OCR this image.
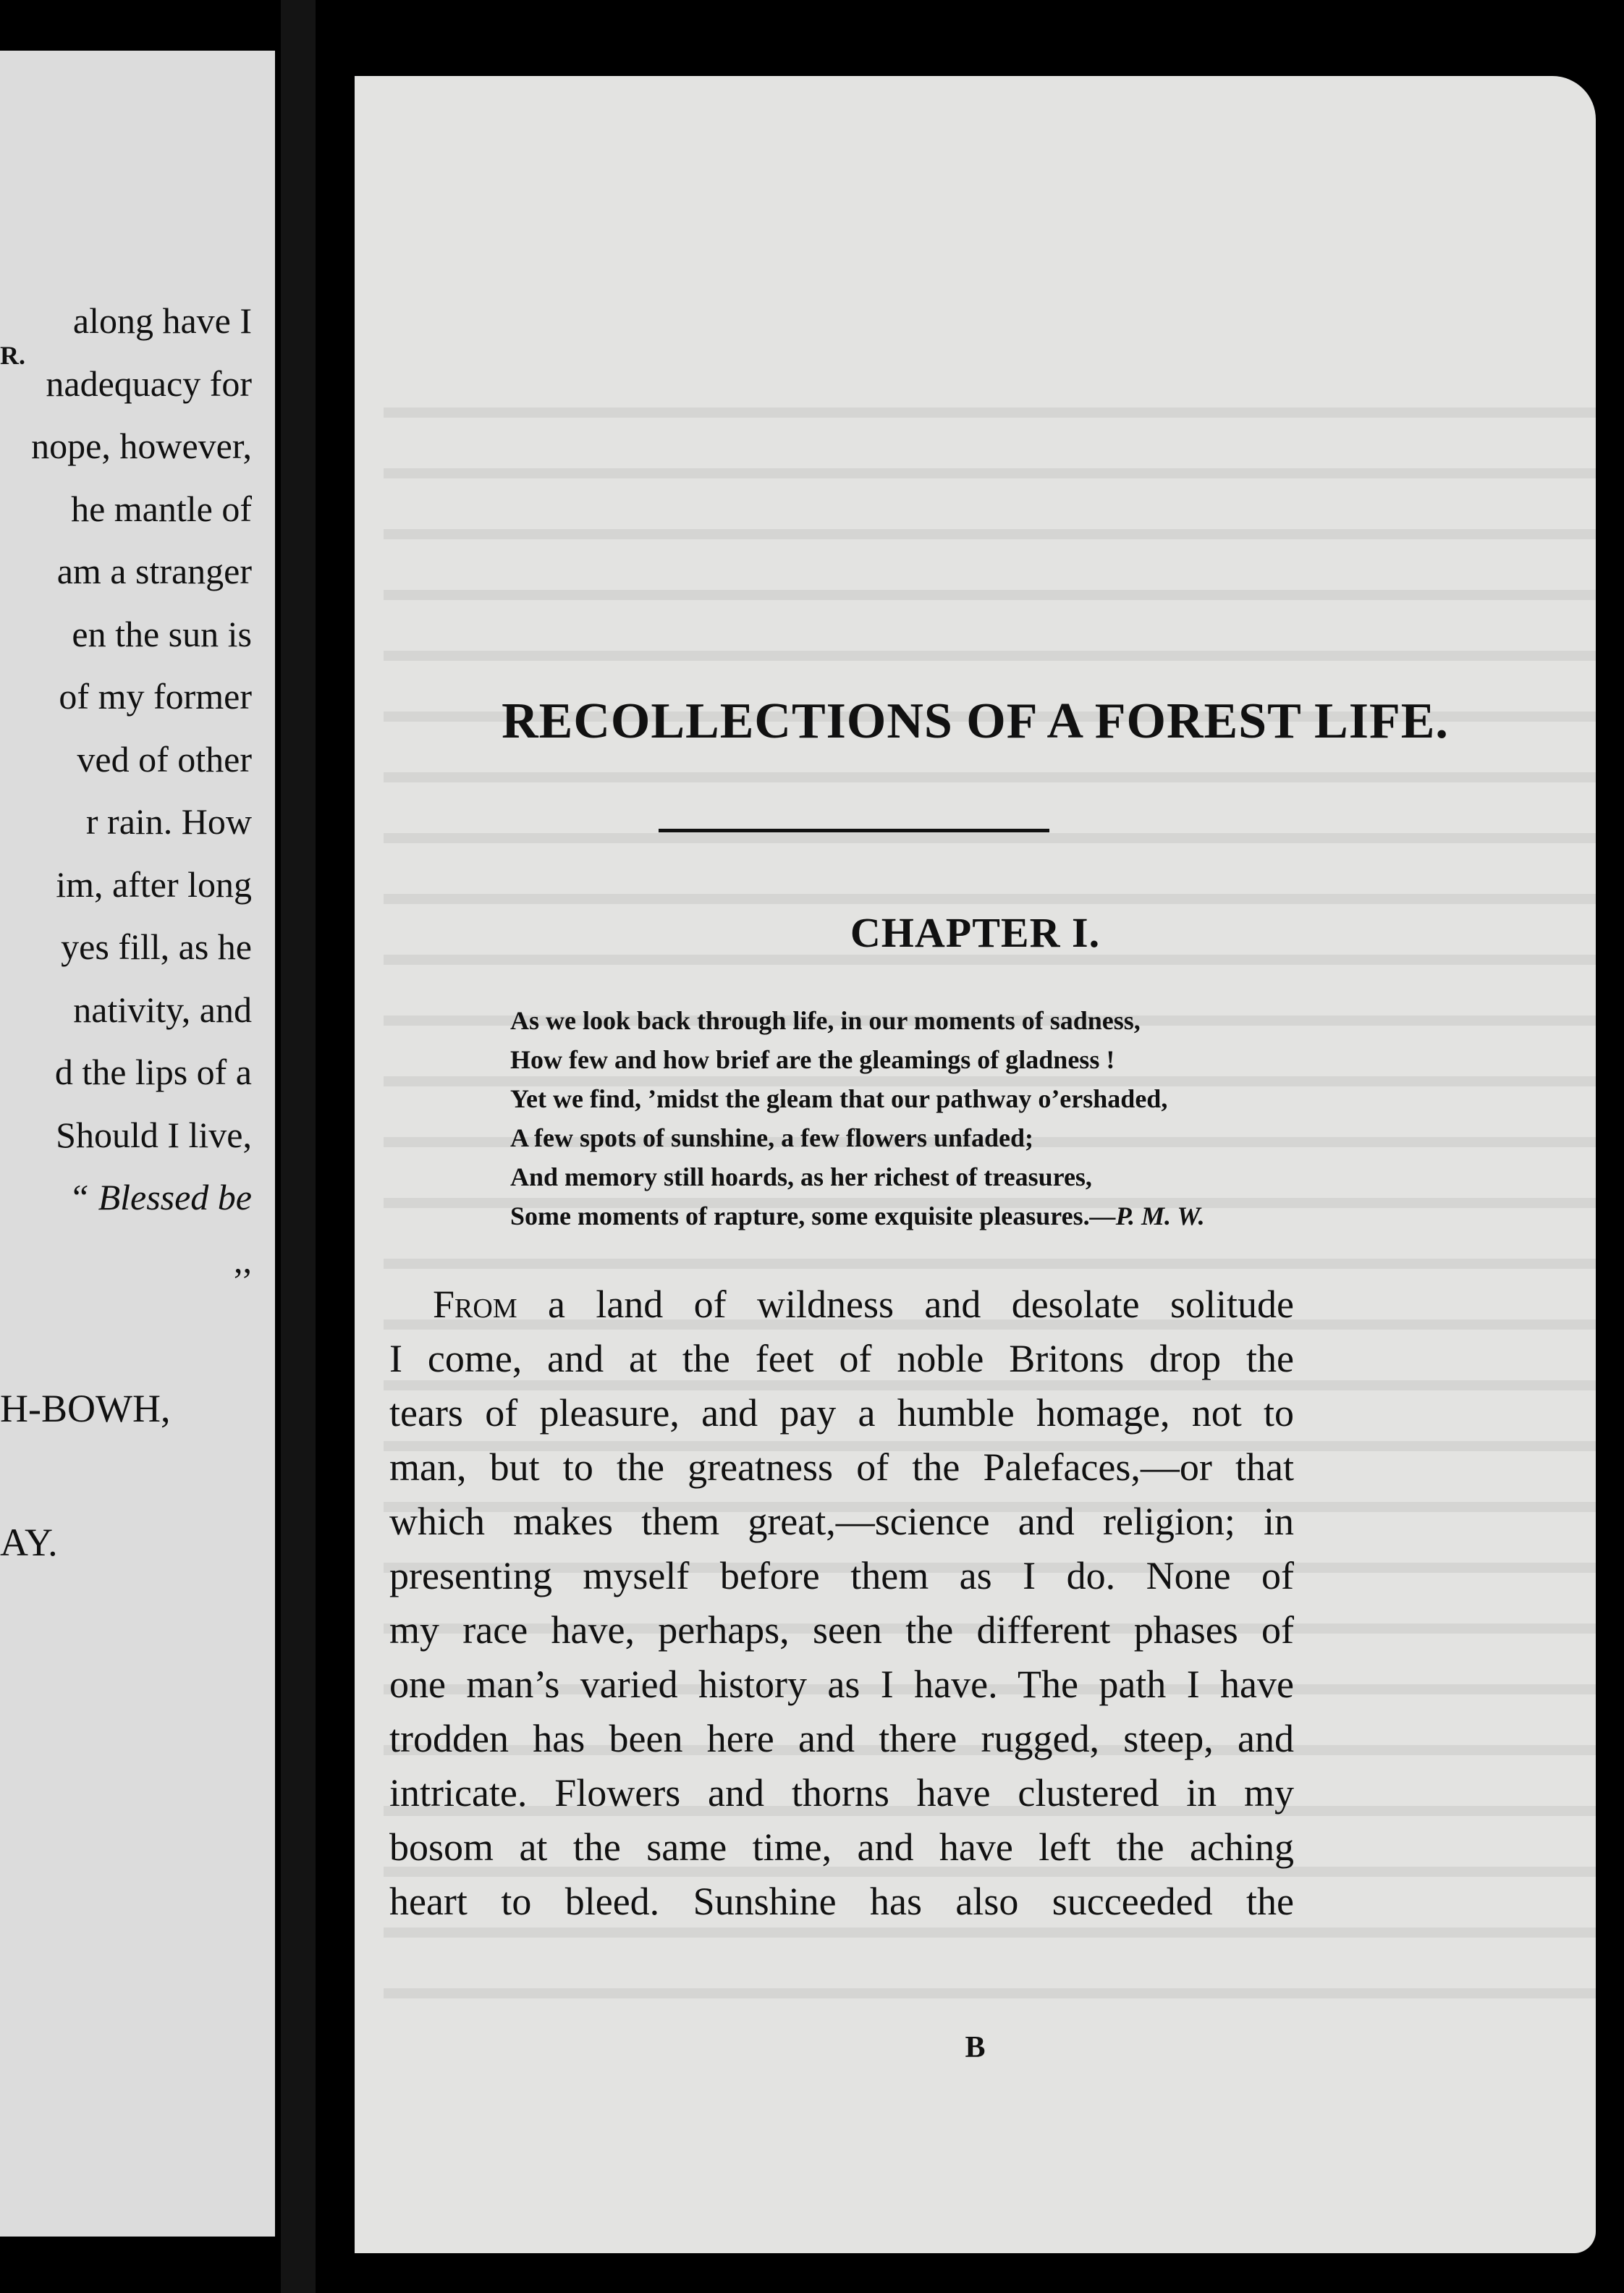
R.
along have I
nadequacy for
nope, however,
he mantle of
am a stranger
en the sun is
of my former
ved of other
r rain. How
im, after long
yes fill, as he
nativity, and
d the lips of a
Should I live,
“ Blessed be
,,
H-BOWH,
AY.
RECOLLECTIONS OF A FOREST LIFE.
CHAPTER I.
As we look back through life, in our moments of sadness,
How few and how brief are the gleamings of gladness !
Yet we find, ’midst the gleam that our pathway o’ershaded,
A few spots of sunshine, a few flowers unfaded;
And memory still hoards, as her richest of treasures,
Some moments of rapture, some exquisite pleasures.—P. M. W.
From a land of wildness and desolate solitude
I come, and at the feet of noble Britons drop the
tears of pleasure, and pay a humble homage, not to
man, but to the greatness of the Palefaces,—or that
which makes them great,—science and religion; in
presenting myself before them as I do. None of
my race have, perhaps, seen the different phases of
one man’s varied history as I have. The path I have
trodden has been here and there rugged, steep, and
intricate. Flowers and thorns have clustered in my
bosom at the same time, and have left the aching
heart to bleed. Sunshine has also succeeded the
B
